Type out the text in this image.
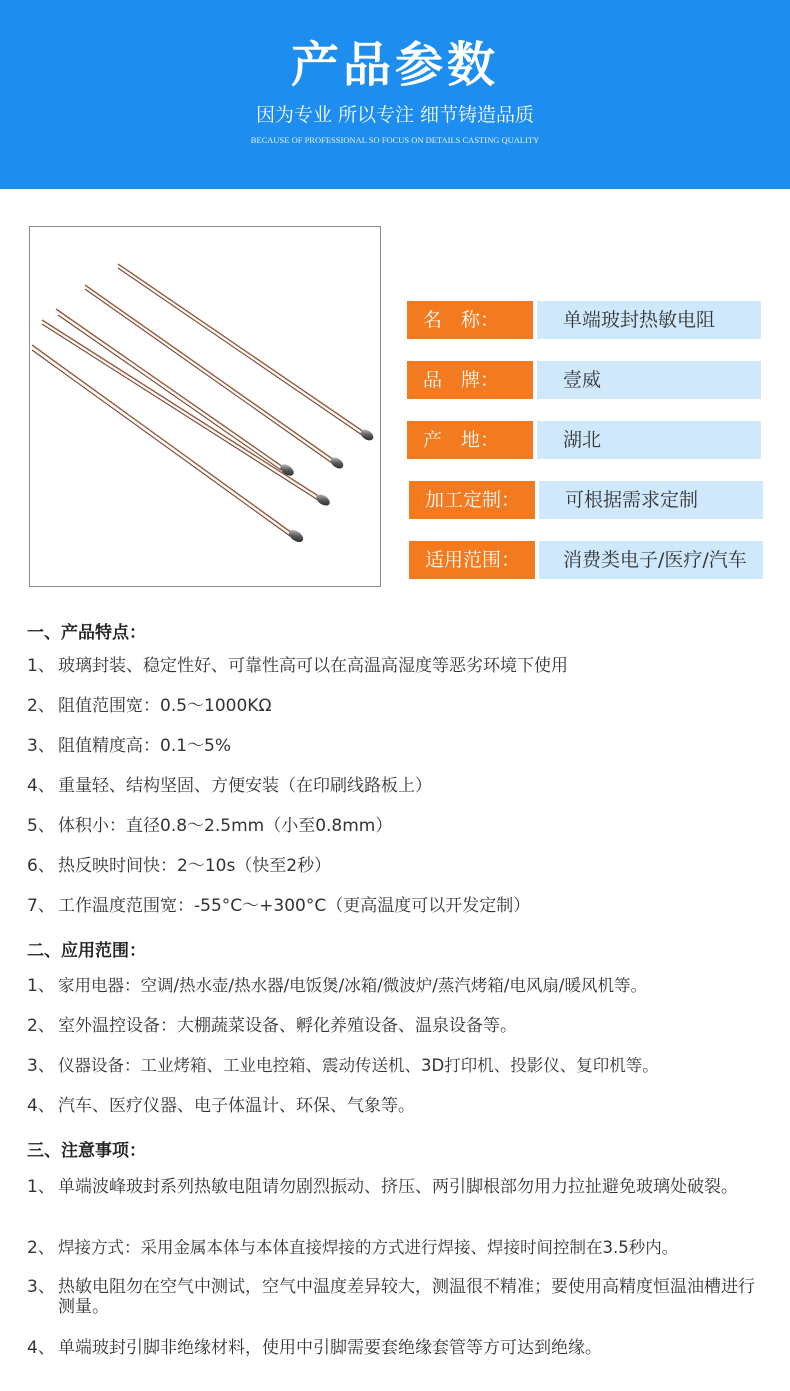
产品参数
因为专业 所以专注 细节铸造品质
BECAUSE OF PROFESSIONAL SO FOCUS ON DETAILS CASTING QUALITY
名　称：	单端玻封热敏电阻
品　牌：	壹威
产　地：	湖北
加工定制：	可根据需求定制
适用范围：	消费类电子/医疗/汽车
一、产品特点：
1、 玻璃封装、稳定性好、可靠性高可以在高温高湿度等恶劣环境下使用
2、 阻值范围宽：0.5～1000KΩ
3、 阻值精度高：0.1～5%
4、 重量轻、结构坚固、方便安装（在印刷线路板上）
5、 体积小：直径0.8～2.5mm（小至0.8mm）
6、 热反映时间快：2～10s（快至2秒）
7、 工作温度范围宽：-55°C～+300°C（更高温度可以开发定制）
二、应用范围：
1、 家用电器：空调/热水壶/热水器/电饭煲/冰箱/微波炉/蒸汽烤箱/电风扇/暖风机等。
2、 室外温控设备：大棚蔬菜设备、孵化养殖设备、温泉设备等。
3、 仪器设备：工业烤箱、工业电控箱、震动传送机、3D打印机、投影仪、复印机等。
4、 汽车、医疗仪器、电子体温计、环保、气象等。
三、注意事项：
1、 单端波峰玻封系列热敏电阻请勿剧烈振动、挤压、两引脚根部勿用力拉扯避免玻璃处破裂。
2、 焊接方式：采用金属本体与本体直接焊接的方式进行焊接、焊接时间控制在3.5秒内。
3、 热敏电阻勿在空气中测试，空气中温度差异较大，测温很不精准；要使用高精度恒温油槽进行测量。
4、 单端玻封引脚非绝缘材料，使用中引脚需要套绝缘套管等方可达到绝缘。
